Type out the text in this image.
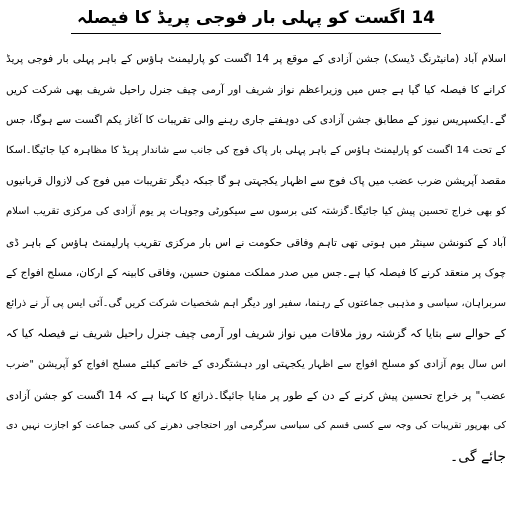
14 اگست کو پہلی بار فوجی پریڈ کا فیصلہ
اسلام آباد (مانیٹرنگ ڈیسک) جشن آزادی کے موقع پر 14 اگست کو پارلیمنٹ ہاؤس کے باہر پہلی بار فوجی پریڈ
کرانے کا فیصلہ کیا گیا ہے جس میں وزیراعظم نواز شریف اور آرمی چیف جنرل راحیل شریف بھی شرکت کریں
گے۔ایکسپریس نیوز کے مطابق جشن آزادی کی دوہفتے جاری رہنے والی تقریبات کا آغاز یکم اگست سے ہوگا، جس
کے تحت 14 اگست کو پارلیمنٹ ہاؤس کے باہر پہلی بار پاک فوج کی جانب سے شاندار پریڈ کا مظاہرہ کیا جائیگا۔اسکا
مقصد آپریشن ضرب عضب میں پاک فوج سے اظہار یکجہتی ہو گا جبکہ دیگر تقریبات میں فوج کی لازوال قربانیوں
کو بھی خراج تحسین پیش کیا جائیگا۔گزشتہ کئی برسوں سے سیکورٹی وجوہات پر یوم آزادی کی مرکزی تقریب اسلام
آباد کے کنونشن سینٹر میں ہوتی تھی تاہم وفاقی حکومت نے اس بار مرکزی تقریب پارلیمنٹ ہاؤس کے باہر ڈی
چوک پر منعقد کرنے کا فیصلہ کیا ہے۔جس میں صدر مملکت ممنون حسین، وفاقی کابینہ کے ارکان، مسلح افواج کے
سربراہان، سیاسی و مذہبی جماعتوں کے رہنما، سفیر اور دیگر اہم شخصیات شرکت کریں گی۔آئی ایس پی آر نے ذرائع
کے حوالے سے بتایا کہ گزشتہ روز ملاقات میں نواز شریف اور آرمی چیف جنرل راحیل شریف نے فیصلہ کیا کہ
اس سال یوم آزادی کو مسلح افواج سے اظہار یکجہتی اور دہشتگردی کے خاتمے کیلئے مسلح افواج کو آپریشن "ضرب
عضب" پر خراج تحسین پیش کرنے کے دن کے طور پر منایا جائیگا۔ذرائع کا کہنا ہے کہ 14 اگست کو جشن آزادی
کی بھرپور تقریبات کی وجہ سے کسی قسم کی سیاسی سرگرمی اور احتجاجی دھرنے کی کسی جماعت کو اجازت نہیں دی
جائے گی۔
